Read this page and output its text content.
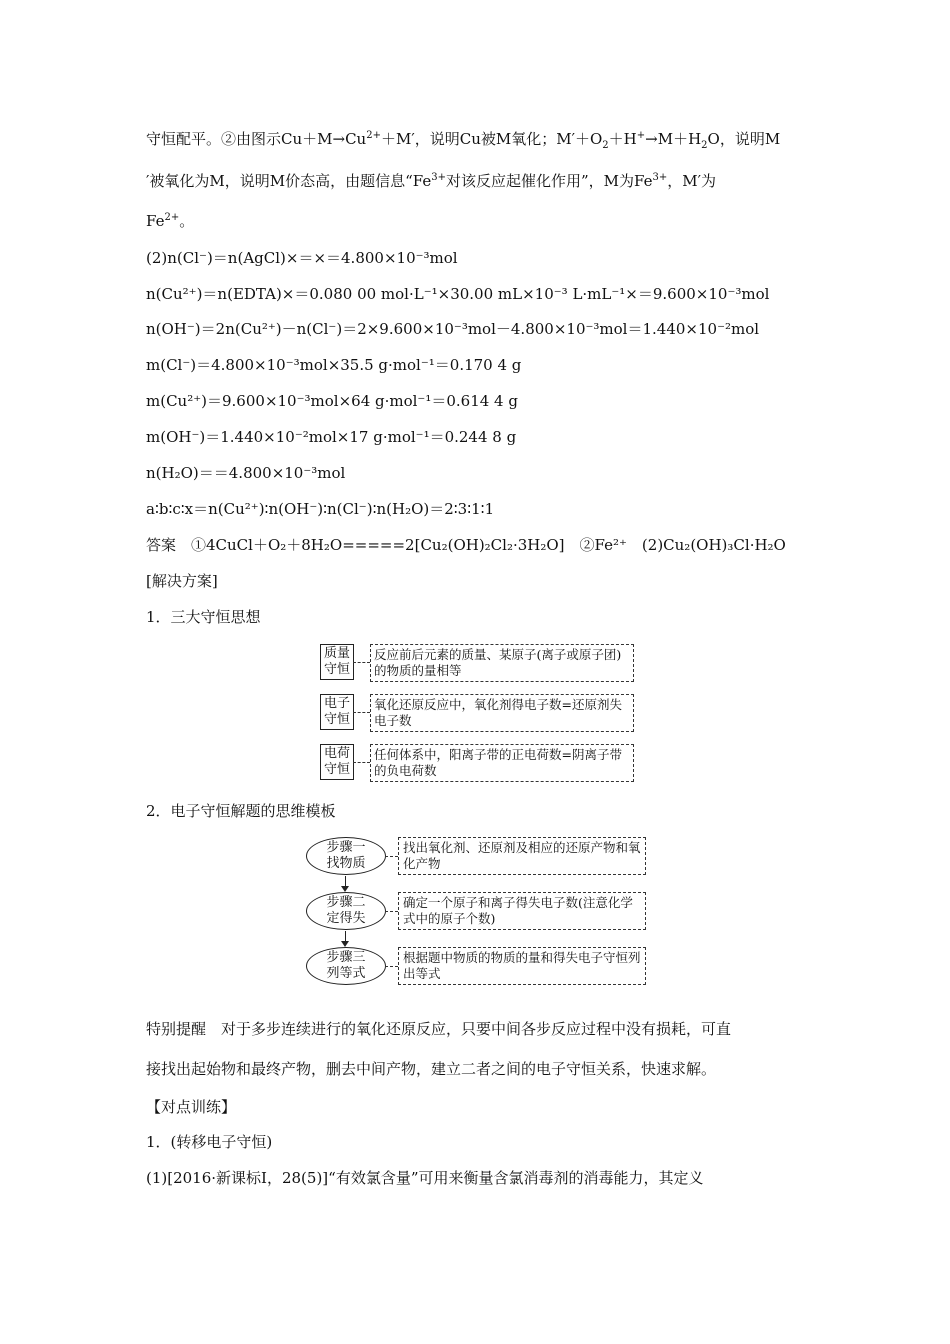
守恒配平。②由图示$Cu+M\to Cu^{2+}+M'$，说明Cu被M氧化；$M'+O_2+H^+\to M+H_2O$，说明M
′被氧化为M，说明M价态高，由题信息“$Fe^{3+}$对该反应起催化作用”，M为$Fe^{3+}$，M′为
$Fe^{2+}$。
(2)n(Cl⁻)＝n(AgCl)×＝×＝4.800×10⁻³mol
n(Cu²⁺)＝n(EDTA)×＝0.080 00 mol·L⁻¹×30.00 mL×10⁻³ L·mL⁻¹×＝9.600×10⁻³mol
n(OH⁻)＝2n(Cu²⁺)－n(Cl⁻)＝2×9.600×10⁻³mol－4.800×10⁻³mol＝1.440×10⁻²mol
m(Cl⁻)＝4.800×10⁻³mol×35.5 g·mol⁻¹＝0.170 4 g
m(Cu²⁺)＝9.600×10⁻³mol×64 g·mol⁻¹＝0.614 4 g
m(OH⁻)＝1.440×10⁻²mol×17 g·mol⁻¹＝0.244 8 g
n(H₂O)＝＝4.800×10⁻³mol
a∶b∶c∶x＝n(Cu²⁺)∶n(OH⁻)∶n(Cl⁻)∶n(H₂O)＝2∶3∶1∶1
答案　①4CuCl＋O₂＋8H₂O=====2[Cu₂(OH)₂Cl₂·3H₂O]　②Fe²⁺　(2)Cu₂(OH)₃Cl·H₂O
[解决方案]
1．三大守恒思想
质量守恒
反应前后元素的质量、某原子(离子或原子团)的物质的量相等
电子守恒
氧化还原反应中，氧化剂得电子数=还原剂失电子数
电荷守恒
任何体系中，阳离子带的正电荷数=阴离子带的负电荷数
2．电子守恒解题的思维模板
步骤一
找物质
找出氧化剂、还原剂及相应的还原产物和氧化产物
步骤二
定得失
确定一个原子和离子得失电子数(注意化学式中的原子个数)
步骤三
列等式
根据题中物质的物质的量和得失电子守恒列出等式
特别提醒　对于多步连续进行的氧化还原反应，只要中间各步反应过程中没有损耗，可直
接找出起始物和最终产物，删去中间产物，建立二者之间的电子守恒关系，快速求解。
【对点训练】
1．(转移电子守恒)
(1)[2016·新课标Ⅰ，28(5)]“有效氯含量”可用来衡量含氯消毒剂的消毒能力，其定义
